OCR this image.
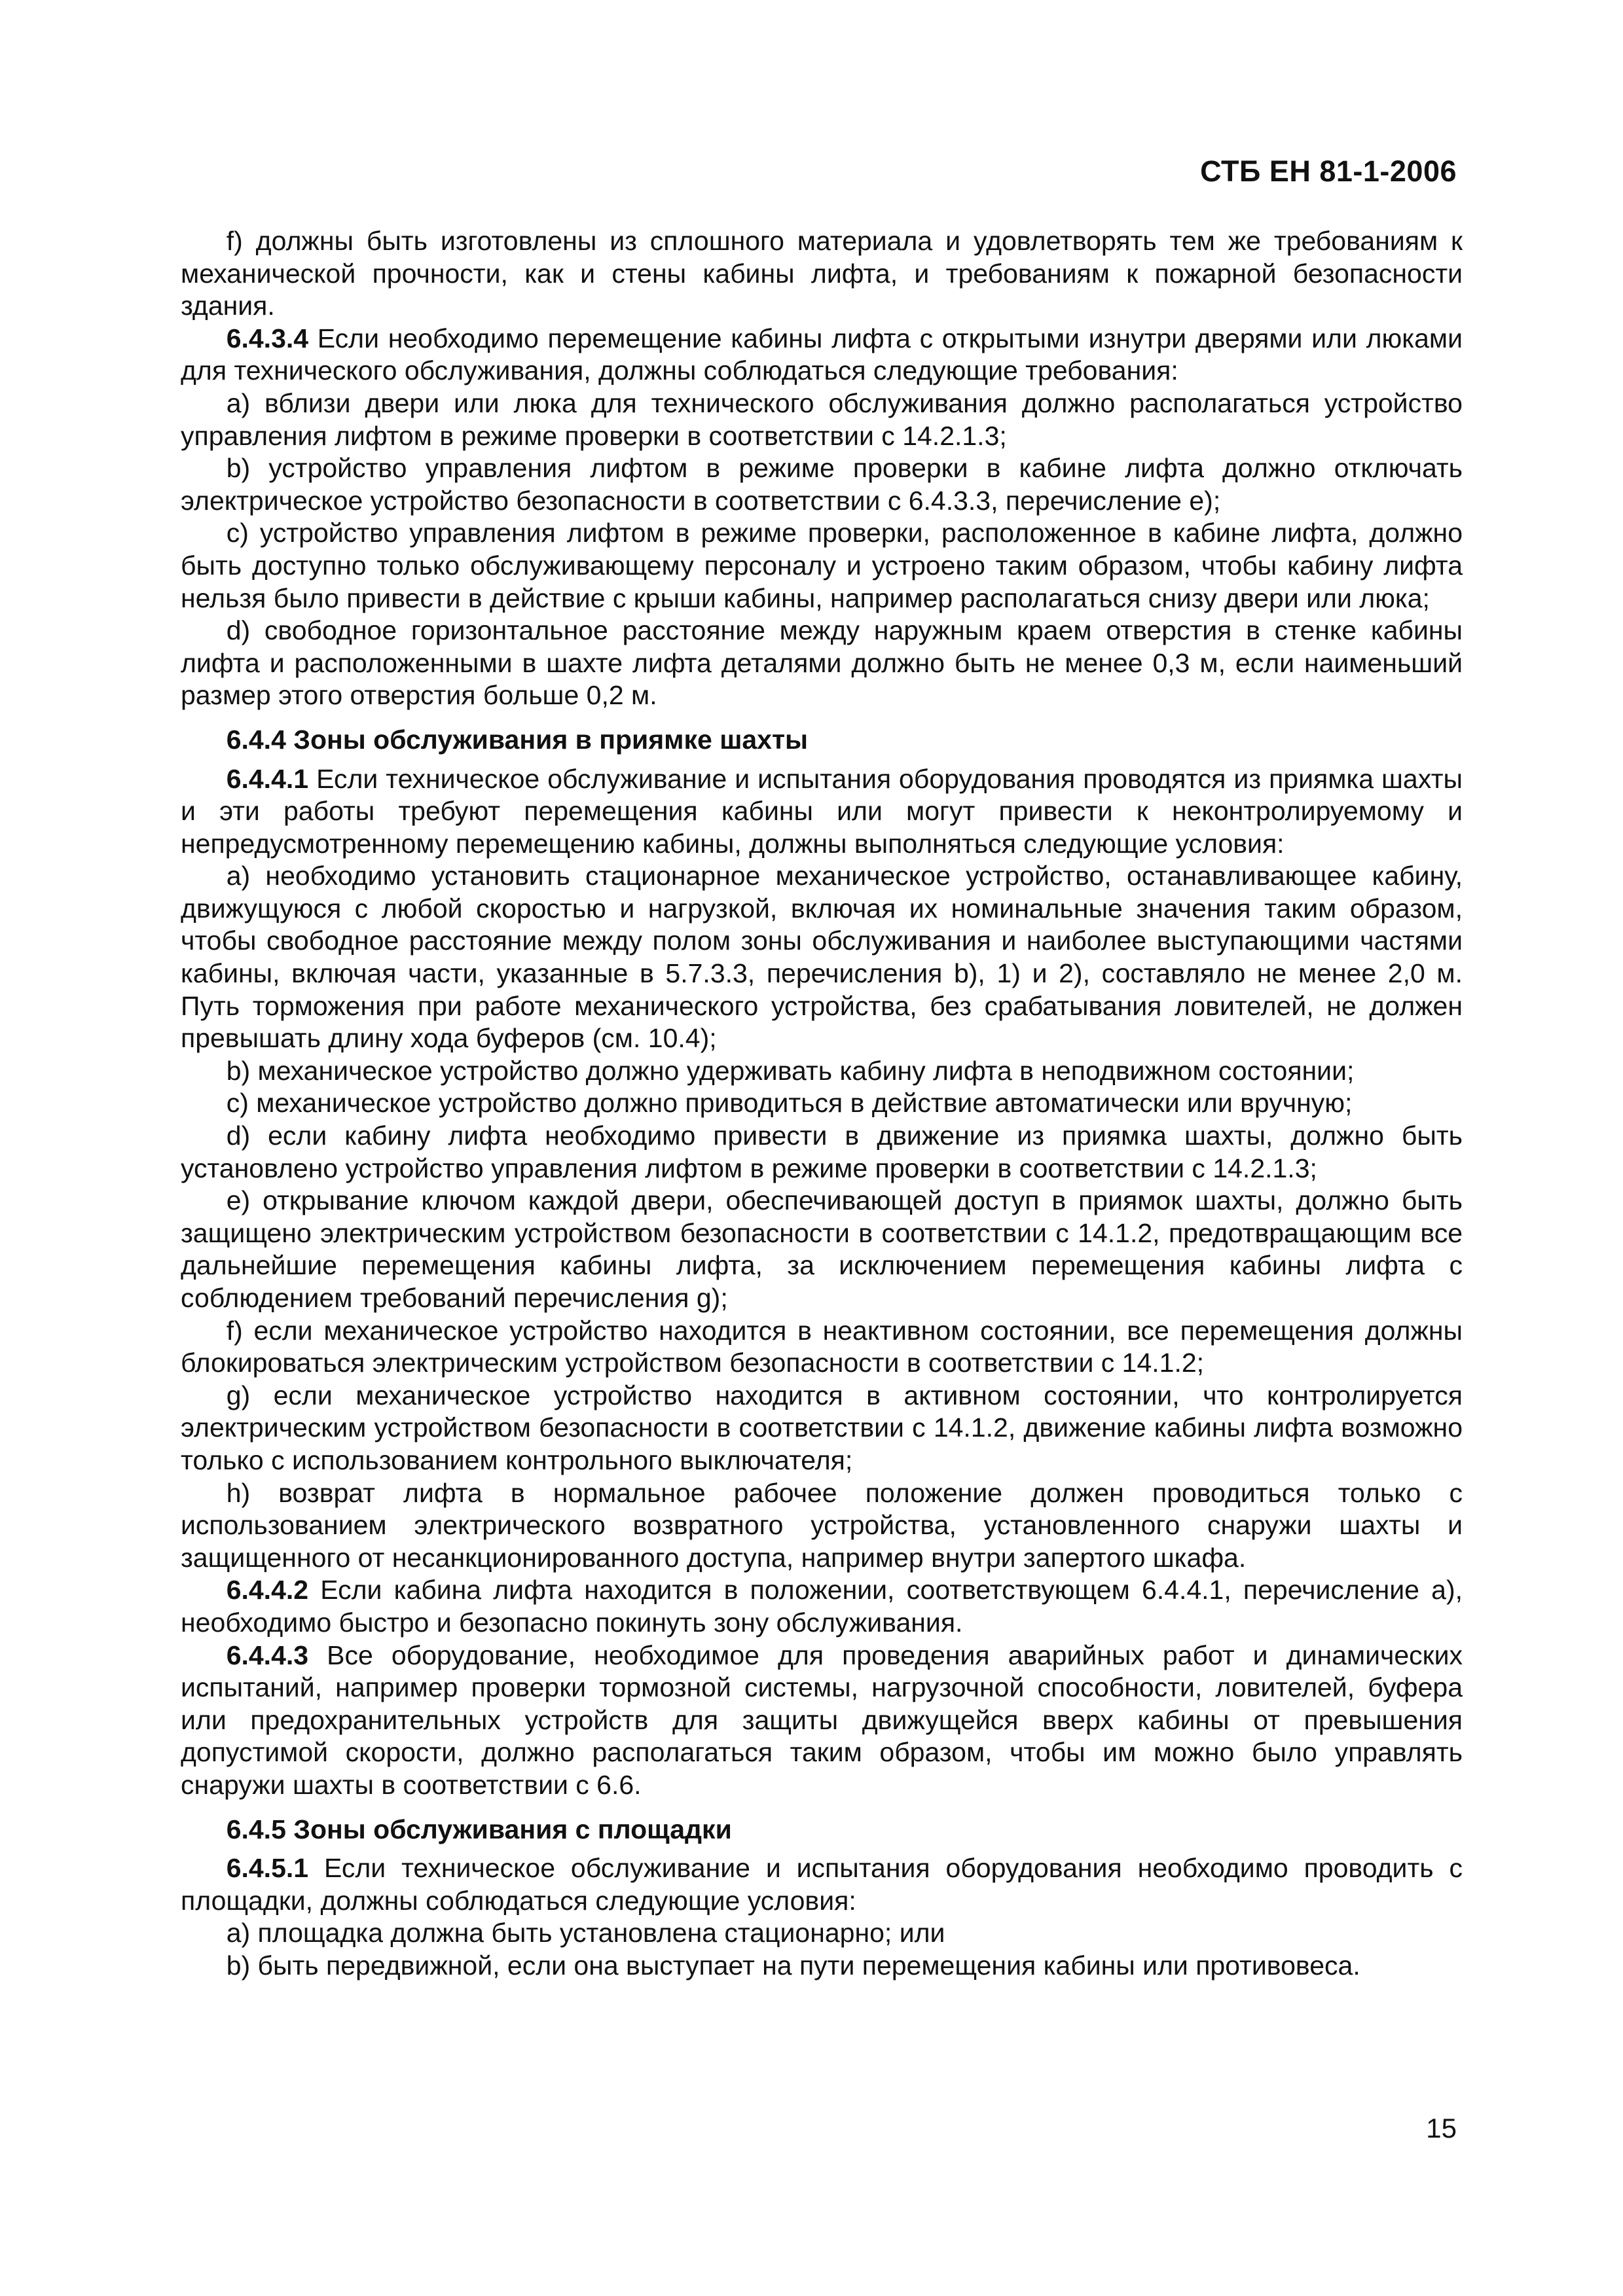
СТБ ЕН 81-1-2006

f) должны быть изготовлены из сплошного материала и удовлетворять тем же требованиям к механической прочности, как и стены кабины лифта, и требованиям к пожарной безопасности здания.

6.4.3.4 Если необходимо перемещение кабины лифта с открытыми изнутри дверями или люками для технического обслуживания, должны соблюдаться следующие требования:

а) вблизи двери или люка для технического обслуживания должно располагаться устройство управления лифтом в режиме проверки в соответствии с 14.2.1.3;

b) устройство управления лифтом в режиме проверки в кабине лифта должно отключать электрическое устройство безопасности в соответствии с 6.4.3.3, перечисление е);

с) устройство управления лифтом в режиме проверки, расположенное в кабине лифта, должно быть доступно только обслуживающему персоналу и устроено таким образом, чтобы кабину лифта нельзя было привести в действие с крыши кабины, например располагаться снизу двери или люка;

d) свободное горизонтальное расстояние между наружным краем отверстия в стенке кабины лифта и расположенными в шахте лифта деталями должно быть не менее 0,3 м, если наименьший размер этого отверстия больше 0,2 м.

6.4.4 Зоны обслуживания в приямке шахты

6.4.4.1 Если техническое обслуживание и испытания оборудования проводятся из приямка шахты и эти работы требуют перемещения кабины или могут привести к неконтролируемому и непредусмотренному перемещению кабины, должны выполняться следующие условия:

а) необходимо установить стационарное механическое устройство, останавливающее кабину, движущуюся с любой скоростью и нагрузкой, включая их номинальные значения таким образом, чтобы свободное расстояние между полом зоны обслуживания и наиболее выступающими частями кабины, включая части, указанные в 5.7.3.3, перечисления b), 1) и 2), составляло не менее 2,0 м. Путь торможения при работе механического устройства, без срабатывания ловителей, не должен превышать длину хода буферов (см. 10.4);

b) механическое устройство должно удерживать кабину лифта в неподвижном состоянии;

с) механическое устройство должно приводиться в действие автоматически или вручную;

d) если кабину лифта необходимо привести в движение из приямка шахты, должно быть установлено устройство управления лифтом в режиме проверки в соответствии с 14.2.1.3;

е) открывание ключом каждой двери, обеспечивающей доступ в приямок шахты, должно быть защищено электрическим устройством безопасности в соответствии с 14.1.2, предотвращающим все дальнейшие перемещения кабины лифта, за исключением перемещения кабины лифта с соблюдением требований перечисления g);

f) если механическое устройство находится в неактивном состоянии, все перемещения должны блокироваться электрическим устройством безопасности в соответствии с 14.1.2;

g) если механическое устройство находится в активном состоянии, что контролируется электрическим устройством безопасности в соответствии с 14.1.2, движение кабины лифта возможно только с использованием контрольного выключателя;

h) возврат лифта в нормальное рабочее положение должен проводиться только с использованием электрического возвратного устройства, установленного снаружи шахты и защищенного от несанкционированного доступа, например внутри запертого шкафа.

6.4.4.2 Если кабина лифта находится в положении, соответствующем 6.4.4.1, перечисление а), необходимо быстро и безопасно покинуть зону обслуживания.

6.4.4.3 Все оборудование, необходимое для проведения аварийных работ и динамических испытаний, например проверки тормозной системы, нагрузочной способности, ловителей, буфера или предохранительных устройств для защиты движущейся вверх кабины от превышения допустимой скорости, должно располагаться таким образом, чтобы им можно было управлять снаружи шахты в соответствии с 6.6.

6.4.5 Зоны обслуживания с площадки

6.4.5.1 Если техническое обслуживание и испытания оборудования необходимо проводить с площадки, должны соблюдаться следующие условия:

а) площадка должна быть установлена стационарно; или

b) быть передвижной, если она выступает на пути перемещения кабины или противовеса.

15
